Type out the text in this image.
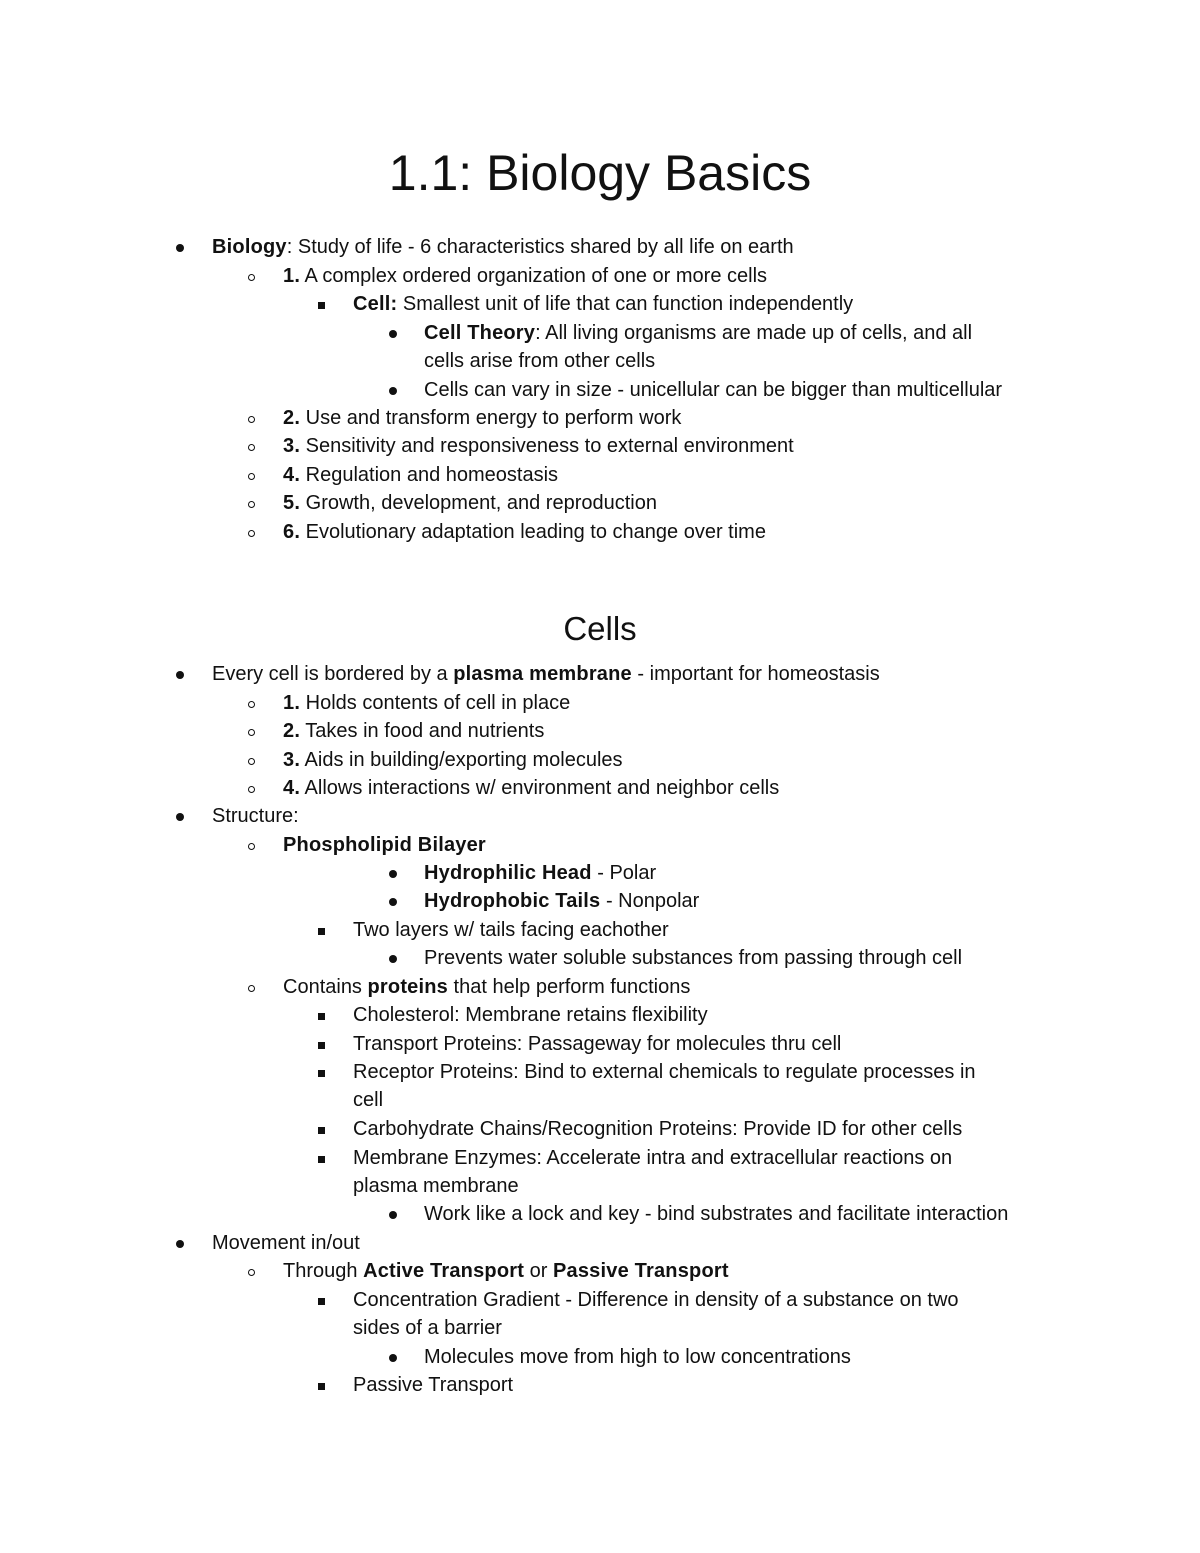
1.1: Biology Basics
Biology: Study of life - 6 characteristics shared by all life on earth
1. A complex ordered organization of one or more cells
Cell: Smallest unit of life that can function independently
Cell Theory: All living organisms are made up of cells, and all
cells arise from other cells
Cells can vary in size - unicellular can be bigger than multicellular
2. Use and transform energy to perform work
3. Sensitivity and responsiveness to external environment
4. Regulation and homeostasis
5. Growth, development, and reproduction
6. Evolutionary adaptation leading to change over time
Cells
Every cell is bordered by a plasma membrane - important for homeostasis
1. Holds contents of cell in place
2. Takes in food and nutrients
3. Aids in building/exporting molecules
4. Allows interactions w/ environment and neighbor cells
Structure:
Phospholipid Bilayer
Hydrophilic Head - Polar
Hydrophobic Tails - Nonpolar
Two layers w/ tails facing eachother
Prevents water soluble substances from passing through cell
Contains proteins that help perform functions
Cholesterol: Membrane retains flexibility
Transport Proteins: Passageway for molecules thru cell
Receptor Proteins: Bind to external chemicals to regulate processes in
cell
Carbohydrate Chains/Recognition Proteins: Provide ID for other cells
Membrane Enzymes: Accelerate intra and extracellular reactions on
plasma membrane
Work like a lock and key - bind substrates and facilitate interaction
Movement in/out
Through Active Transport or Passive Transport
Concentration Gradient - Difference in density of a substance on two
sides of a barrier
Molecules move from high to low concentrations
Passive Transport
